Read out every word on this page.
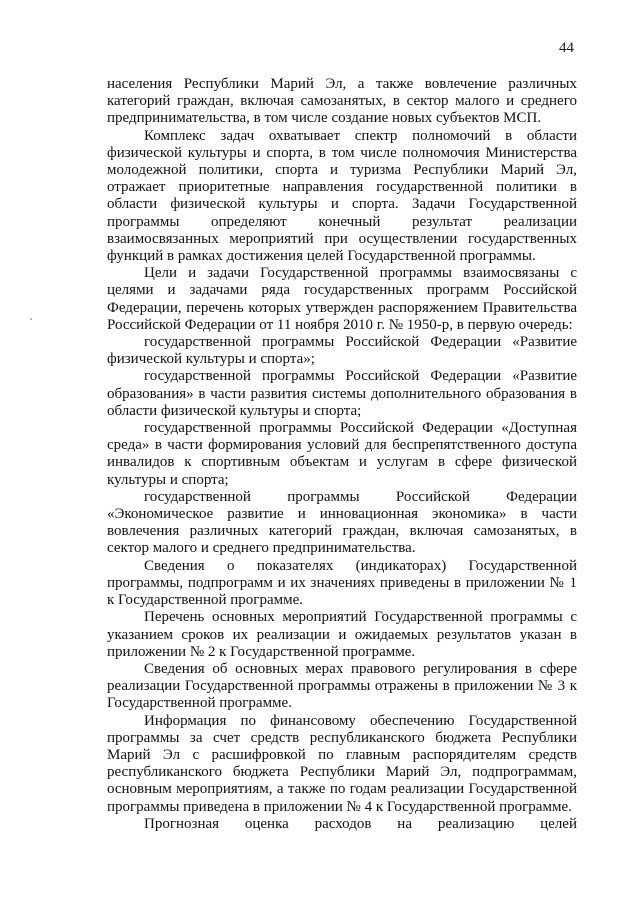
44

населения Республики Марий Эл, а также вовлечение различных категорий граждан, включая самозанятых, в сектор малого и среднего предпринимательства, в том числе создание новых субъектов МСП.

Комплекс задач охватывает спектр полномочий в области физической культуры и спорта, в том числе полномочия Министерства молодежной политики, спорта и туризма Республики Марий Эл, отражает приоритетные направления государственной политики в области физической культуры и спорта. Задачи Государственной программы определяют конечный результат реализации взаимосвязанных мероприятий при осуществлении государственных функций в рамках достижения целей Государственной программы.

Цели и задачи Государственной программы взаимосвязаны с целями и задачами ряда государственных программ Российской Федерации, перечень которых утвержден распоряжением Правительства Российской Федерации от 11 ноября 2010 г. № 1950-р, в первую очередь:

государственной программы Российской Федерации «Развитие физической культуры и спорта»;

государственной программы Российской Федерации «Развитие образования» в части развития системы дополнительного образования в области физической культуры и спорта;

государственной программы Российской Федерации «Доступная среда» в части формирования условий для беспрепятственного доступа инвалидов к спортивным объектам и услугам в сфере физической культуры и спорта;

государственной программы Российской Федерации «Экономическое развитие и инновационная экономика» в части вовлечения различных категорий граждан, включая самозанятых, в сектор малого и среднего предпринимательства.

Сведения о показателях (индикаторах) Государственной программы, подпрограмм и их значениях приведены в приложении № 1 к Государственной программе.

Перечень основных мероприятий Государственной программы с указанием сроков их реализации и ожидаемых результатов указан в приложении № 2 к Государственной программе.

Сведения об основных мерах правового регулирования в сфере реализации Государственной программы отражены в приложении № 3 к Государственной программе.

Информация по финансовому обеспечению Государственной программы за счет средств республиканского бюджета Республики Марий Эл с расшифровкой по главным распорядителям средств республиканского бюджета Республики Марий Эл, подпрограммам, основным мероприятиям, а также по годам реализации Государственной программы приведена в приложении № 4 к Государственной программе.

Прогнозная оценка расходов на реализацию целей
